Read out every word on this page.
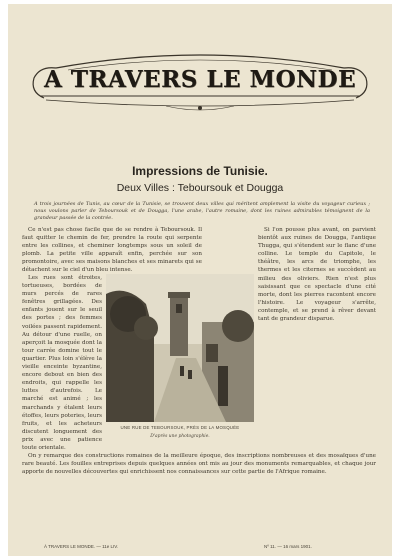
A TRAVERS LE MONDE
Impressions de Tunisie.
Deux Villes : Teboursouk et Dougga
A trois journées de Tunis, au cœur de la Tunisie, se trouvent deux villes qui méritent amplement la visite du voyageur curieux ; nous voulons parler de Teboursouk et de Dougga, l'une arabe, l'autre romaine, dont les ruines admirables témoignent de la grandeur passée de la contrée.

Ce n'est pas chose facile que de se rendre à Teboursouk. Il faut quitter le chemin de fer, prendre la route qui serpente entre les collines, et cheminer longtemps sous un soleil de plomb. La petite ville apparaît enfin, perchée sur son promontoire, avec ses maisons blanches et ses minarets qui se détachent sur le ciel d'un bleu intense.

Les rues sont étroites, tortueuses, bordées de murs percés de rares fenêtres grillagées. Des enfants jouent sur le seuil des portes ; des femmes voilées passent rapidement. Au détour d'une ruelle, on aperçoit la mosquée dont la tour carrée domine tout le quartier. Plus loin s'élève la vieille enceinte byzantine, encore debout en bien des endroits, qui rappelle les luttes d'autrefois. Le marché est animé ; les marchands y étalent leurs étoffes, leurs poteries, leurs fruits, et les acheteurs discutent longuement des prix avec une patience toute orientale.

Si l'on pousse plus avant, on parvient bientôt aux ruines de Dougga, l'antique Thugga, qui s'étendent sur le flanc d'une colline. Le temple du Capitole, le théâtre, les arcs de triomphe, les thermes et les citernes se succèdent au milieu des oliviers. Rien n'est plus saisissant que ce spectacle d'une cité morte, dont les pierres racontent encore l'histoire. Le voyageur s'arrête, contemple, et se prend à rêver devant tant de grandeur disparue.

On y remarque des constructions romaines de la meilleure époque, des inscriptions nombreuses et des mosaïques d'une rare beauté. Les fouilles entreprises depuis quelques années ont mis au jour des monuments remarquables, et chaque jour apporte de nouvelles découvertes qui enrichissent nos connaissances sur cette partie de l'Afrique romaine.

UNE RUE DE TEBOURSOUK, PRÈS DE LA MOSQUÉE
D'après une photographie.
À TRAVERS LE MONDE. — 11e LIV.	Nº 11. — 16 mars 1901.
